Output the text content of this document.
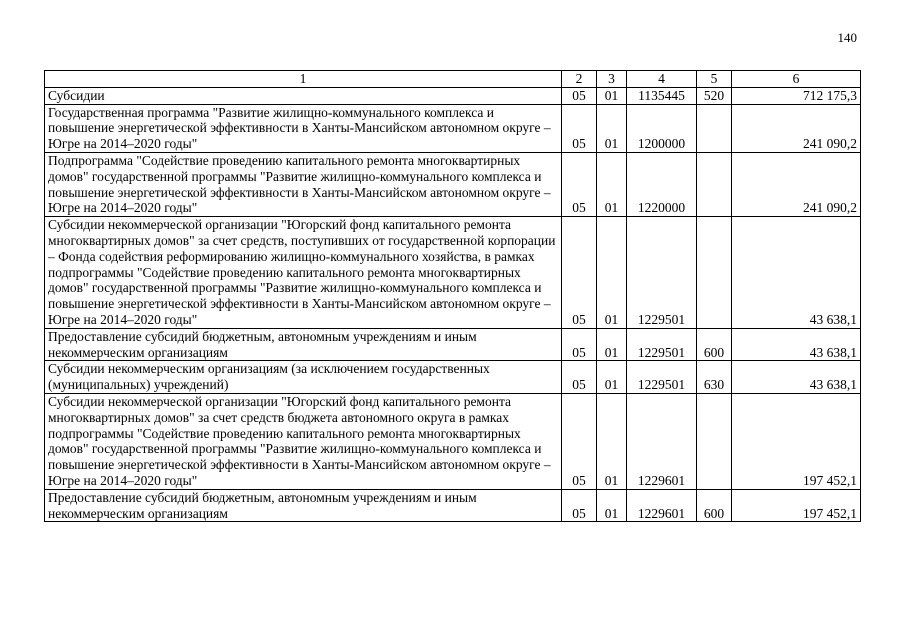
140
1	2	3	4	5	6
Субсидии	05	01	1135445	520	712 175,3
Государственная программа "Развитие жилищно-коммунального комплекса и повышение энергетической эффективности в Ханты-Мансийском автономном округе – Югре на 2014–2020 годы"	05	01	1200000		241 090,2
Подпрограмма "Содействие проведению капитального ремонта многоквартирных домов" государственной программы "Развитие жилищно-коммунального комплекса и повышение энергетической эффективности в Ханты-Мансийском автономном округе – Югре на 2014–2020 годы"	05	01	1220000		241 090,2
Субсидии некоммерческой организации "Югорский фонд капитального ремонта многоквартирных домов" за счет средств, поступивших от государственной корпорации – Фонда содействия реформированию жилищно-коммунального хозяйства, в рамках подпрограммы "Содействие проведению капитального ремонта многоквартирных домов" государственной программы "Развитие жилищно-коммунального комплекса и повышение энергетической эффективности в Ханты-Мансийском автономном округе – Югре на 2014–2020 годы"	05	01	1229501		43 638,1
Предоставление субсидий бюджетным, автономным учреждениям и иным некоммерческим организациям	05	01	1229501	600	43 638,1
Субсидии некоммерческим организациям (за исключением государственных (муниципальных) учреждений)	05	01	1229501	630	43 638,1
Субсидии некоммерческой организации "Югорский фонд капитального ремонта многоквартирных домов" за счет средств бюджета автономного округа в рамках подпрограммы "Содействие проведению капитального ремонта многоквартирных домов" государственной программы "Развитие жилищно-коммунального комплекса и повышение энергетической эффективности в Ханты-Мансийском автономном округе – Югре на 2014–2020 годы"	05	01	1229601		197 452,1
Предоставление субсидий бюджетным, автономным учреждениям и иным некоммерческим организациям	05	01	1229601	600	197 452,1
